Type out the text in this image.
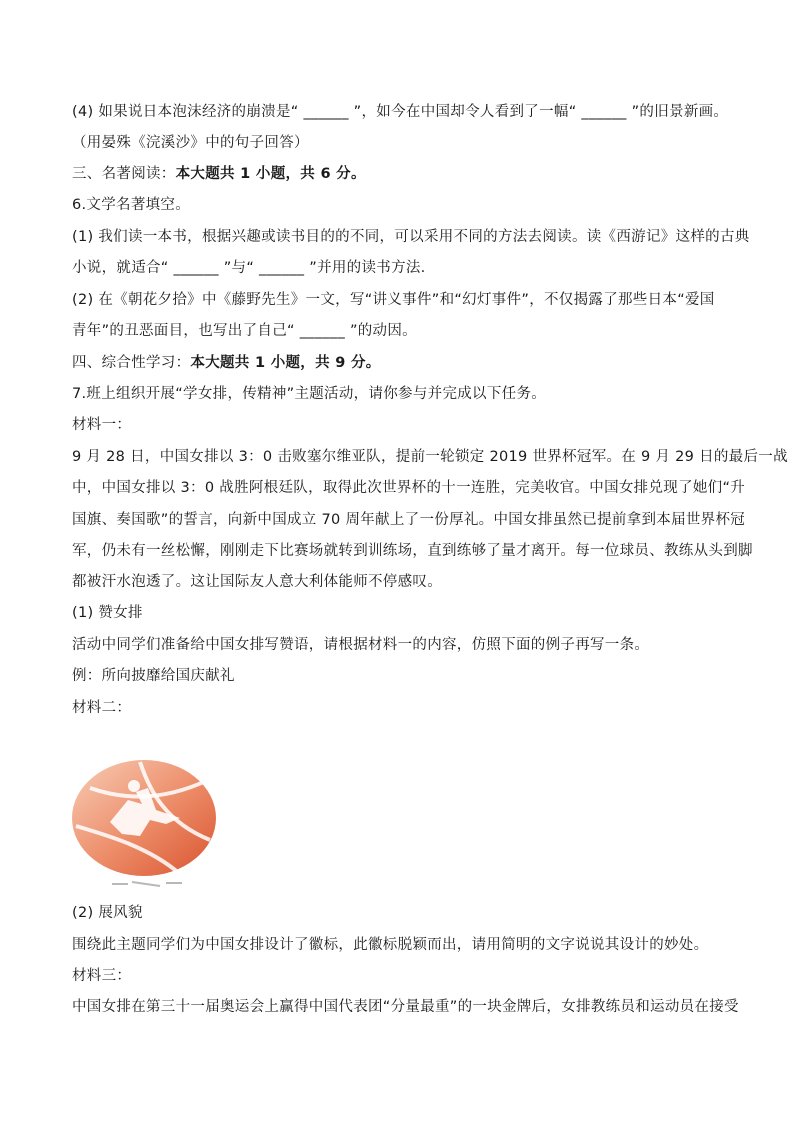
(4) 如果说日本泡沫经济的崩溃是“ ______ ”，如今在中国却令人看到了一幅“ ______ ”的旧景新画。
（用晏殊《浣溪沙》中的句子回答）
三、名著阅读：本大题共 1 小题，共 6 分。
6.文学名著填空。
(1) 我们读一本书，根据兴趣或读书目的的不同，可以采用不同的方法去阅读。读《西游记》这样的古典
小说，就适合“ ______ ”与“ ______ ”并用的读书方法.
(2) 在《朝花夕拾》中《藤野先生》一文，写“讲义事件”和“幻灯事件”，不仅揭露了那些日本“爱国
青年”的丑恶面目，也写出了自己“ ______ ”的动因。
四、综合性学习：本大题共 1 小题，共 9 分。
7.班上组织开展“学女排，传精神”主题活动，请你参与并完成以下任务。
材料一：
9 月 28 日，中国女排以 3：0 击败塞尔维亚队，提前一轮锁定 2019 世界杯冠军。在 9 月 29 日的最后一战
中，中国女排以 3：0 战胜阿根廷队，取得此次世界杯的十一连胜，完美收官。中国女排兑现了她们“升
国旗、奏国歌”的誓言，向新中国成立 70 周年献上了一份厚礼。中国女排虽然已提前拿到本届世界杯冠
军，仍未有一丝松懈，刚刚走下比赛场就转到训练场，直到练够了量才离开。每一位球员、教练从头到脚
都被汗水泡透了。这让国际友人意大利体能师不停感叹。
(1) 赞女排
活动中同学们准备给中国女排写赞语，请根据材料一的内容，仿照下面的例子再写一条。
例：所向披靡给国庆献礼
材料二：
(2) 展风貌
围绕此主题同学们为中国女排设计了徽标，此徽标脱颖而出，请用简明的文字说说其设计的妙处。
材料三：
中国女排在第三十一届奥运会上赢得中国代表团“分量最重”的一块金牌后，女排教练员和运动员在接受
